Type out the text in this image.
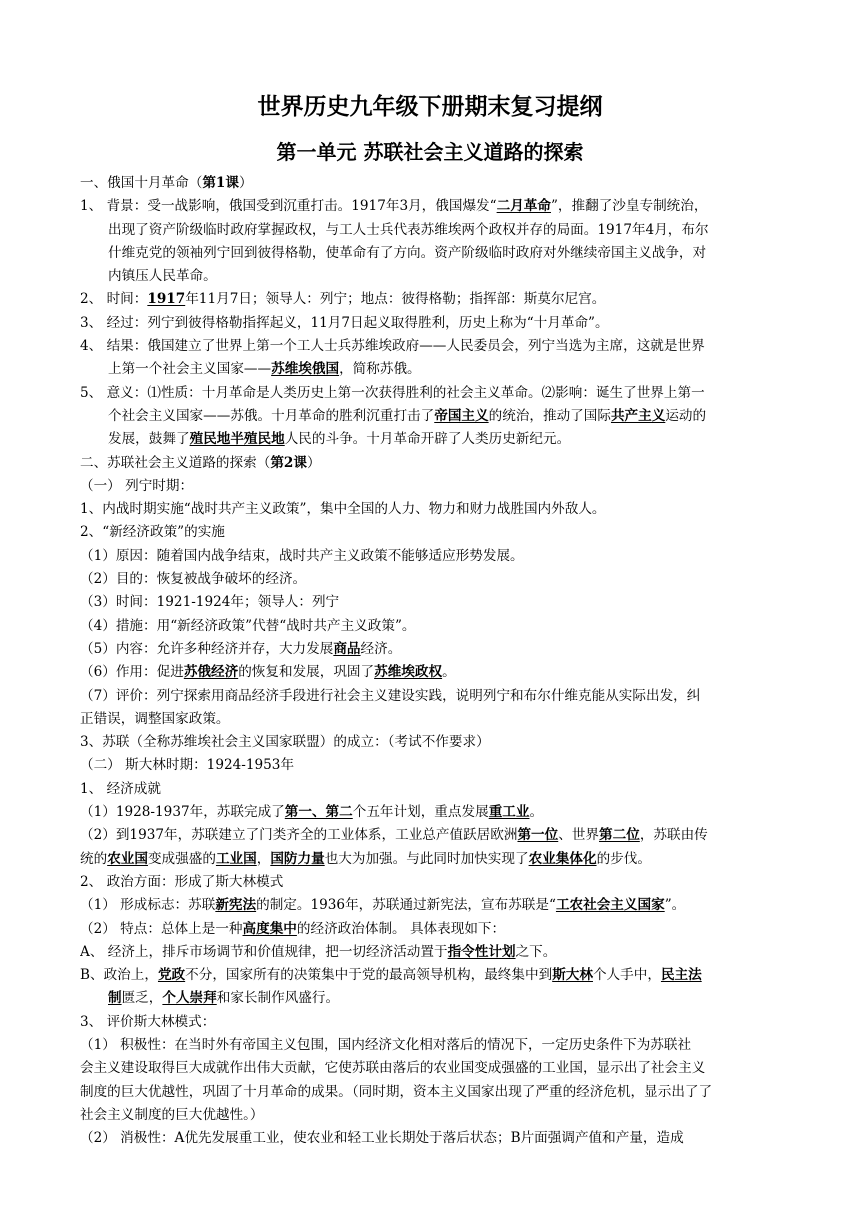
世界历史九年级下册期末复习提纲
第一单元 苏联社会主义道路的探索

一、俄国十月革命（第1课）

1、 背景：受一战影响，俄国受到沉重打击。1917年3月，俄国爆发“二月革命”，推翻了沙皇专制统治，

出现了资产阶级临时政府掌握政权，与工人士兵代表苏维埃两个政权并存的局面。1917年4月，布尔

什维克党的领袖列宁回到彼得格勒，使革命有了方向。资产阶级临时政府对外继续帝国主义战争，对

内镇压人民革命。

2、 时间：1917年11月7日；领导人：列宁；地点：彼得格勒；指挥部：斯莫尔尼宫。

3、 经过：列宁到彼得格勒指挥起义，11月7日起义取得胜利，历史上称为“十月革命”。

4、 结果：俄国建立了世界上第一个工人士兵苏维埃政府——人民委员会，列宁当选为主席，这就是世界

上第一个社会主义国家——苏维埃俄国，简称苏俄。

5、 意义：⑴性质：十月革命是人类历史上第一次获得胜利的社会主义革命。⑵影响：诞生了世界上第一

个社会主义国家——苏俄。十月革命的胜利沉重打击了帝国主义的统治，推动了国际共产主义运动的

发展，鼓舞了殖民地半殖民地人民的斗争。十月革命开辟了人类历史新纪元。

二、苏联社会主义道路的探索（第2课）

（一） 列宁时期：

1、内战时期实施“战时共产主义政策”，集中全国的人力、物力和财力战胜国内外敌人。

2、“新经济政策”的实施

（1）原因：随着国内战争结束，战时共产主义政策不能够适应形势发展。

（2）目的：恢复被战争破坏的经济。

（3）时间：1921-1924年；领导人：列宁

（4）措施：用“新经济政策”代替“战时共产主义政策”。

（5）内容：允许多种经济并存，大力发展商品经济。

（6）作用：促进苏俄经济的恢复和发展，巩固了苏维埃政权。

（7）评价：列宁探索用商品经济手段进行社会主义建设实践，说明列宁和布尔什维克能从实际出发，纠

正错误，调整国家政策。

3、苏联（全称苏维埃社会主义国家联盟）的成立：（考试不作要求）

（二） 斯大林时期：1924-1953年

1、 经济成就

（1）1928-1937年，苏联完成了第一、第二个五年计划，重点发展重工业。

（2）到1937年，苏联建立了门类齐全的工业体系，工业总产值跃居欧洲第一位、世界第二位，苏联由传

统的农业国变成强盛的工业国，国防力量也大为加强。与此同时加快实现了农业集体化的步伐。

2、 政治方面：形成了斯大林模式

（1） 形成标志：苏联新宪法的制定。1936年，苏联通过新宪法，宣布苏联是“工农社会主义国家”。

（2） 特点：总体上是一种高度集中的经济政治体制。 具体表现如下：

A、 经济上，排斥市场调节和价值规律，把一切经济活动置于指令性计划之下。

B、政治上，党政不分，国家所有的决策集中于党的最高领导机构，最终集中到斯大林个人手中，民主法

制匮乏，个人崇拜和家长制作风盛行。

3、 评价斯大林模式：

（1） 积极性：在当时外有帝国主义包围，国内经济文化相对落后的情况下，一定历史条件下为苏联社

会主义建设取得巨大成就作出伟大贡献，它使苏联由落后的农业国变成强盛的工业国，显示出了社会主义

制度的巨大优越性，巩固了十月革命的成果。（同时期，资本主义国家出现了严重的经济危机，显示出了了

社会主义制度的巨大优越性。）

（2） 消极性：A优先发展重工业，使农业和轻工业长期处于落后状态；B片面强调产值和产量，造成
